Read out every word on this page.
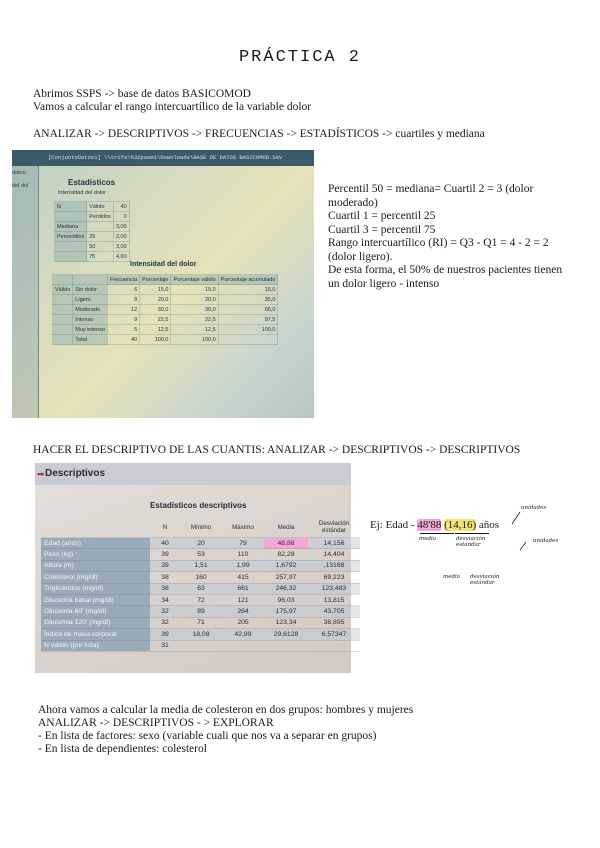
PRÁCTICA 2
Abrimos SSPS -> base de datos BASICOMOD
Vamos a calcular el rango intercuartílico de la variable dolor
ANALIZAR -> DESCRIPTIVOS -> FRECUENCIAS -> ESTADÍSTICOS -> cuartiles y mediana
[ConjuntoDatos1] \\trifs\h32pasmi\Downloads\BASE DE DATOS BASICOMOD.SAV
datos:
del dol	Estadísticos
Intensidad del dolor
N	Válido	40
	Perdidos	0
Mediana		3,00
Percentiles	25	2,00
	50	3,00
	75	4,00
Intensidad del dolor
		Frecuencia	Porcentaje	Porcentaje válido	Porcentaje acumulado
Válido	Sin dolor	6	15,0	15,0	15,0
	Ligero	8	20,0	20,0	35,0
	Moderado	12	30,0	30,0	65,0
	Intenso	9	22,5	22,5	87,5
	Muy intenso	5	12,5	12,5	100,0
	Total	40	100,0	100,0	
Percentil 50 = mediana= Cuartil 2 = 3 (dolor
moderado)
Cuartil 1 = percentil 25
Cuartil 3 = percentil 75
Rango intercuartílico (RI) = Q3 - Q1 = 4 - 2 = 2
(dolor ligero).
De esta forma, el 50% de nuestros pacientes tienen
un dolor ligero - intenso
HACER EL DESCRIPTIVO DE LAS CUANTIS: ANALIZAR -> DESCRIPTIVOS -> DESCRIPTIVOS
➡ Descriptivos
Estadísticos descriptivos
	N	Mínimo	Máximo	Media	Desviación estándar
Edad (años)	40	20	79	48,88	14,156
Peso (kg)	39	53	110	82,28	14,404
Altura (m)	39	1,51	1,99	1,6792	,13168
Colesterol (mg/dl)	38	160	415	257,97	69,223
Triglicéridos (mg/dl)	38	63	661	246,32	123,483
Glucemia basal (mg/dl)	34	72	121	96,03	13,815
Glucemia 60' (mg/dl)	32	89	264	175,97	43,705
Glucemia 120' (mg/dl)	32	71	205	123,34	38,895
Índice de masa corporal	39	18,08	42,99	29,6128	6,57347
N válido (por lista)	31				
Ej: Edad - 48'88 (14,16) años
media	desviación estándar
unidades
unidades
media desviación estándar
Ahora vamos a calcular la media de colesteron en dos grupos: hombres y mujeres
ANALIZAR -> DESCRIPTIVOS - > EXPLORAR
- En lista de factores: sexo (variable cuali que nos va a separar en grupos)
- En lista de dependientes: colesterol
